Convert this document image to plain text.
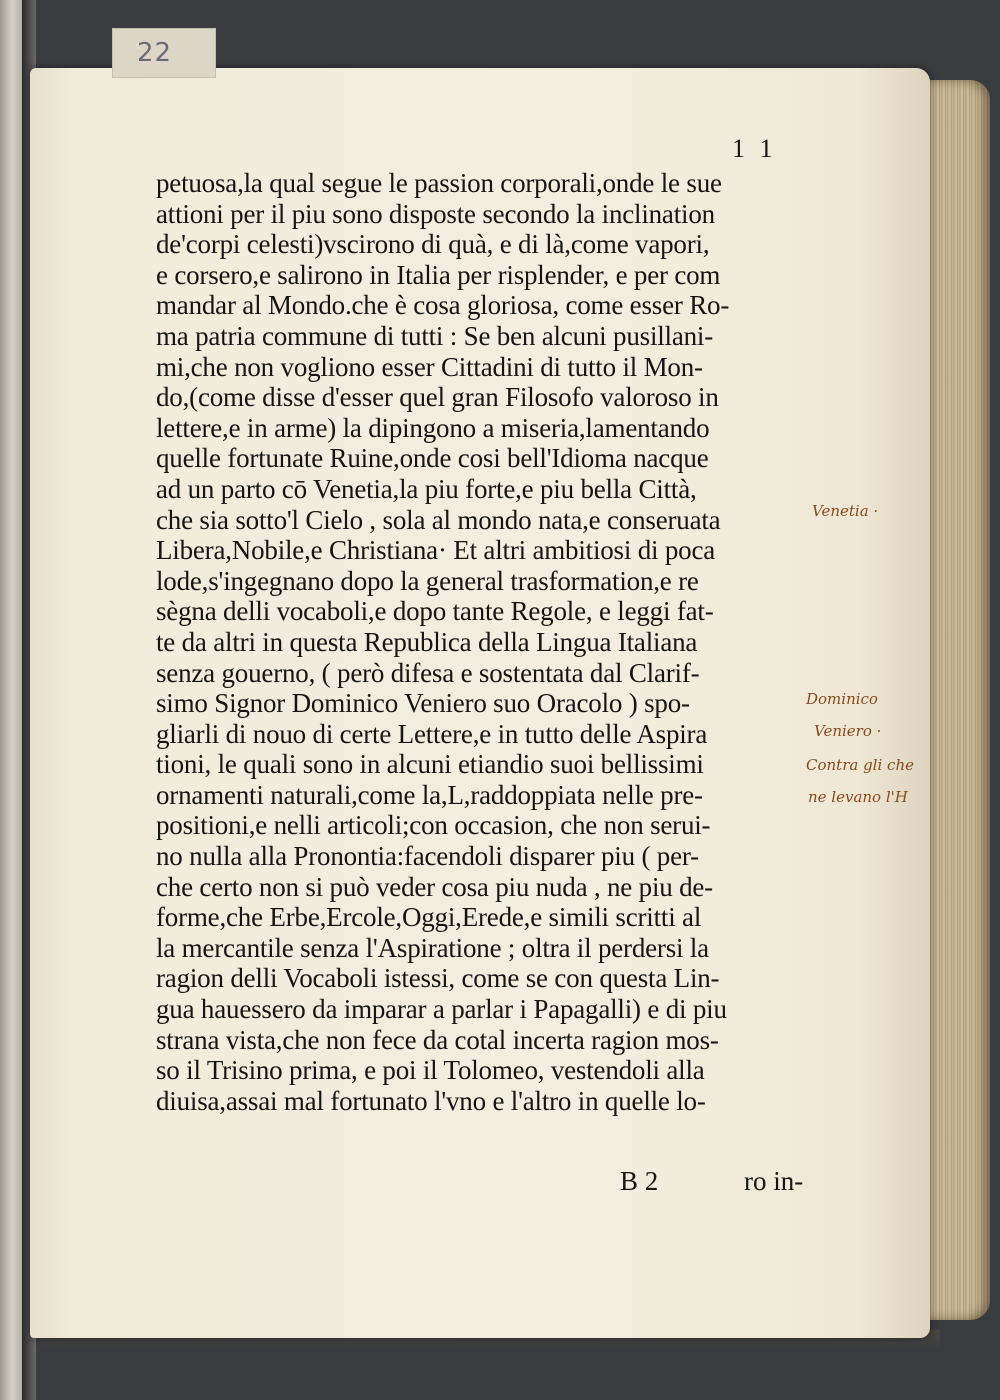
22
1 1
petuosa,la qual segue le passion corporali,onde le sue
attioni per il piu sono disposte secondo la inclination
de'corpi celesti)vscirono di quà, e di là,come vapori,
e corsero,e salirono in Italia per risplender, e per com
mandar al Mondo.che è cosa gloriosa, come esser Ro-
ma patria commune di tutti : Se ben alcuni pusillani-
mi,che non vogliono esser Cittadini di tutto il Mon-
do,(come disse d'esser quel gran Filosofo valoroso in
lettere,e in arme) la dipingono a miseria,lamentando
quelle fortunate Ruine,onde cosi bell'Idioma nacque
ad un parto cō Venetia,la piu forte,e piu bella Città,
che sia sotto'l Cielo , sola al mondo nata,e conseruata
Libera,Nobile,e Christiana· Et altri ambitiosi di poca
lode,s'ingegnano dopo la general trasformation,e re
sègna delli vocaboli,e dopo tante Regole, e leggi fat-
te da altri in questa Republica della Lingua Italiana
senza gouerno, ( però difesa e sostentata dal Clarif-
simo Signor Dominico Veniero suo Oracolo ) spo-
gliarli di nouo di certe Lettere,e in tutto delle Aspira
tioni, le quali sono in alcuni etiandio suoi bellissimi
ornamenti naturali,come la,L,raddoppiata nelle pre-
positioni,e nelli articoli;con occasion, che non serui-
no nulla alla Pronontia:facendoli disparer piu ( per-
che certo non si può veder cosa piu nuda , ne piu de-
forme,che Erbe,Ercole,Oggi,Erede,e simili scritti al
la mercantile senza l'Aspiratione ; oltra il perdersi la
ragion delli Vocaboli istessi, come se con questa Lin-
gua hauessero da imparar a parlar i Papagalli) e di piu
strana vista,che non fece da cotal incerta ragion mos-
so il Trisino prima, e poi il Tolomeo, vestendoli alla
diuisa,assai mal fortunato l'vno e l'altro in quelle lo-
B 2	ro in-
Venetia ·
Dominico
Veniero ·
Contra gli che
ne levano l'H
